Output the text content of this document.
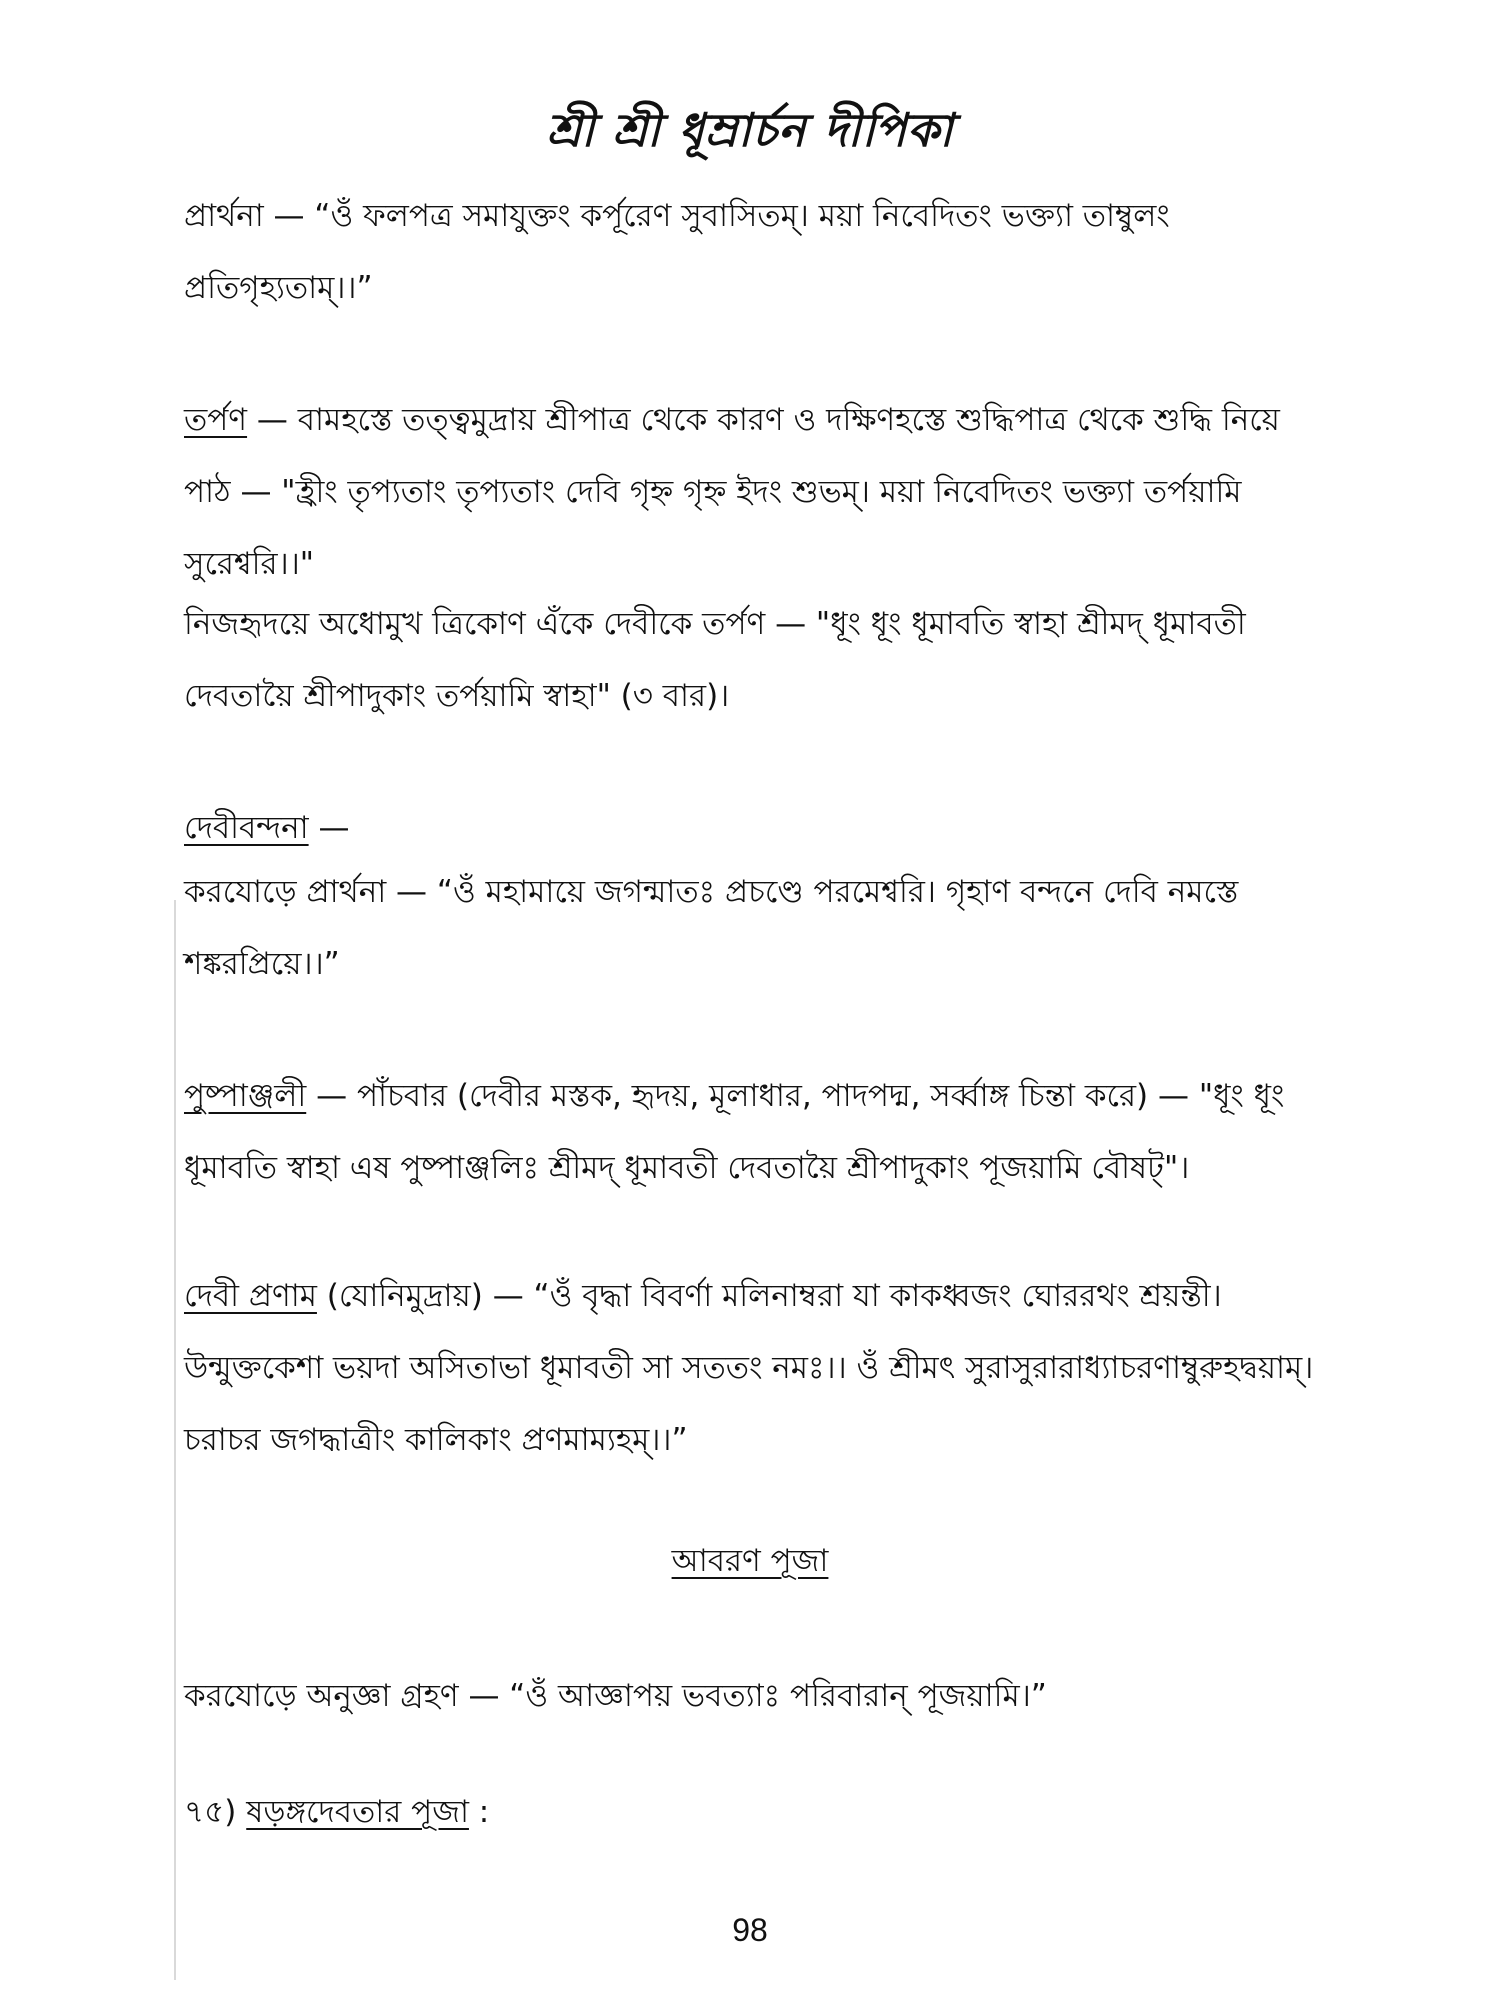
শ্রী শ্রী ধূম্রার্চন দীপিকা

প্রার্থনা — “ওঁ ফলপত্র সমাযুক্তং কর্পূরেণ সুবাসিতম্। ময়া নিবেদিতং ভক্ত্যা তাম্বুলং প্রতিগৃহ্যতাম্।।”

তর্পণ — বামহস্তে তত্ত্বমুদ্রায় শ্রীপাত্র থেকে কারণ ও দক্ষিণহস্তে শুদ্ধিপাত্র থেকে শুদ্ধি নিয়ে পাঠ — "হ্রীং তৃপ্যতাং তৃপ্যতাং দেবি গৃহ্ন গৃহ্ন ইদং শুভম্। ময়া নিবেদিতং ভক্ত্যা তর্পয়ামি সুরেশ্বরি।।"

নিজহৃদয়ে অধোমুখ ত্রিকোণ এঁকে দেবীকে তর্পণ — "ধূং ধূং ধূমাবতি স্বাহা শ্রীমদ্ ধূমাবতী দেবতায়ৈ শ্রীপাদুকাং তর্পয়ামি স্বাহা" (৩ বার)।

দেবীবন্দনা —

করযোড়ে প্রার্থনা — “ওঁ মহামায়ে জগন্মাতঃ প্রচণ্ডে পরমেশ্বরি। গৃহাণ বন্দনে দেবি নমস্তে শঙ্করপ্রিয়ে।।”

পুষ্পাঞ্জলী — পাঁচবার (দেবীর মস্তক, হৃদয়, মূলাধার, পাদপদ্ম, সর্ব্বাঙ্গ চিন্তা করে) — "ধূং ধূং ধূমাবতি স্বাহা এষ পুষ্পাঞ্জলিঃ শ্রীমদ্ ধূমাবতী দেবতায়ৈ শ্রীপাদুকাং পূজয়ামি বৌষট্"।

দেবী প্রণাম (যোনিমুদ্রায়) — “ওঁ বৃদ্ধা বিবর্ণা মলিনাম্বরা যা কাকধ্বজং ঘোররথং শ্রয়ন্তী। উন্মুক্তকেশা ভয়দা অসিতাভা ধূমাবতী সা সততং নমঃ।। ওঁ শ্রীমৎ সুরাসুরারাধ্যাচরণাম্বুরুহদ্বয়াম্। চরাচর জগদ্ধাত্রীং কালিকাং প্রণমাম্যহম্।।”

আবরণ পূজা

করযোড়ে অনুজ্ঞা গ্রহণ — “ওঁ আজ্ঞাপয় ভবত্যাঃ পরিবারান্ পূজয়ামি।”

৭৫) ষড়ঙ্গদেবতার পূজা :

98
